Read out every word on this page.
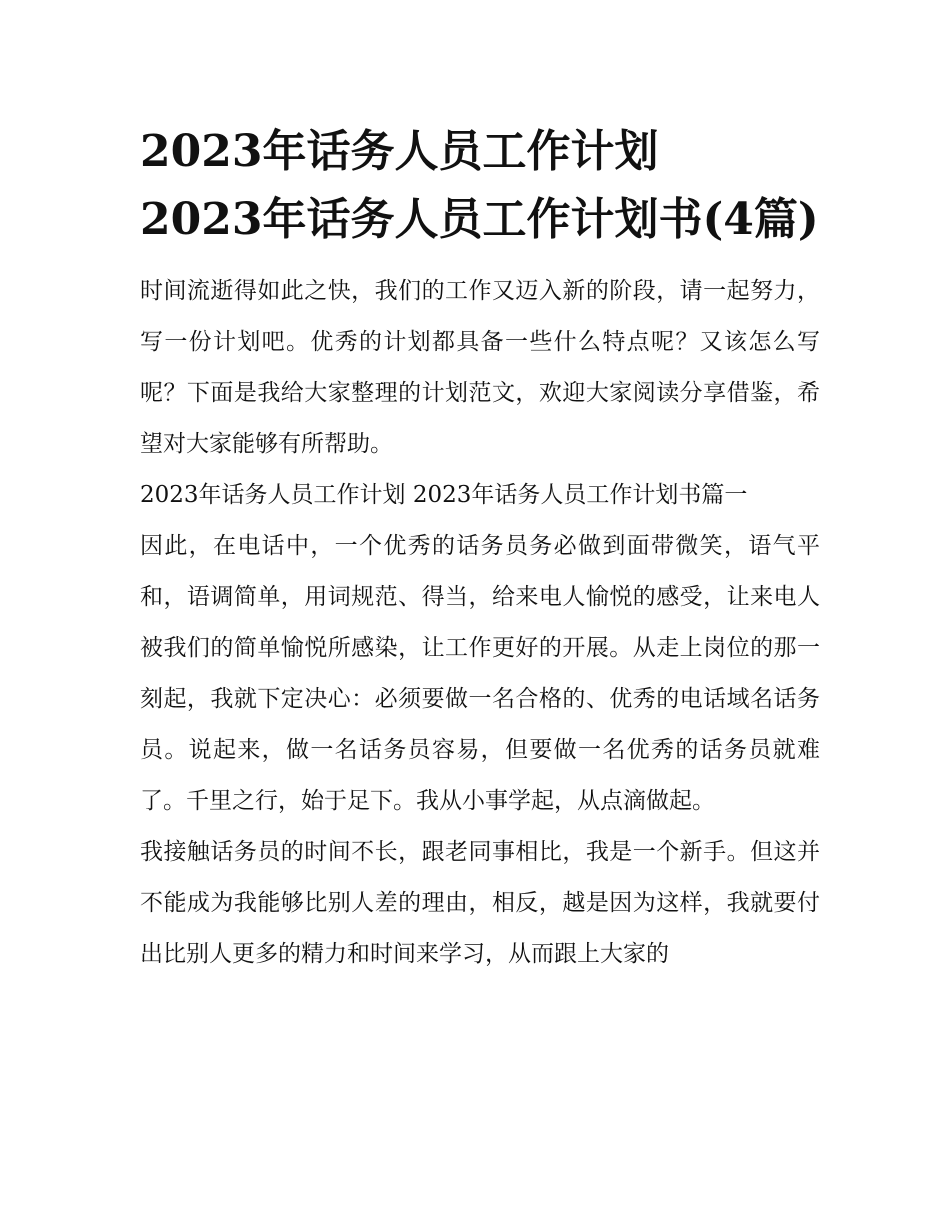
2023年话务人员工作计划
2023年话务人员工作计划书(4篇)

时间流逝得如此之快，我们的工作又迈入新的阶段，请一起努力，写一份计划吧。优秀的计划都具备一些什么特点呢？又该怎么写呢？下面是我给大家整理的计划范文，欢迎大家阅读分享借鉴，希望对大家能够有所帮助。

2023年话务人员工作计划 2023年话务人员工作计划书篇一

因此，在电话中，一个优秀的话务员务必做到面带微笑，语气平和，语调简单，用词规范、得当，给来电人愉悦的感受，让来电人被我们的简单愉悦所感染，让工作更好的开展。从走上岗位的那一刻起，我就下定决心：必须要做一名合格的、优秀的电话域名话务员。说起来，做一名话务员容易，但要做一名优秀的话务员就难了。千里之行，始于足下。我从小事学起，从点滴做起。

我接触话务员的时间不长，跟老同事相比，我是一个新手。但这并不能成为我能够比别人差的理由，相反，越是因为这样，我就要付出比别人更多的精力和时间来学习，从而跟上大家的
